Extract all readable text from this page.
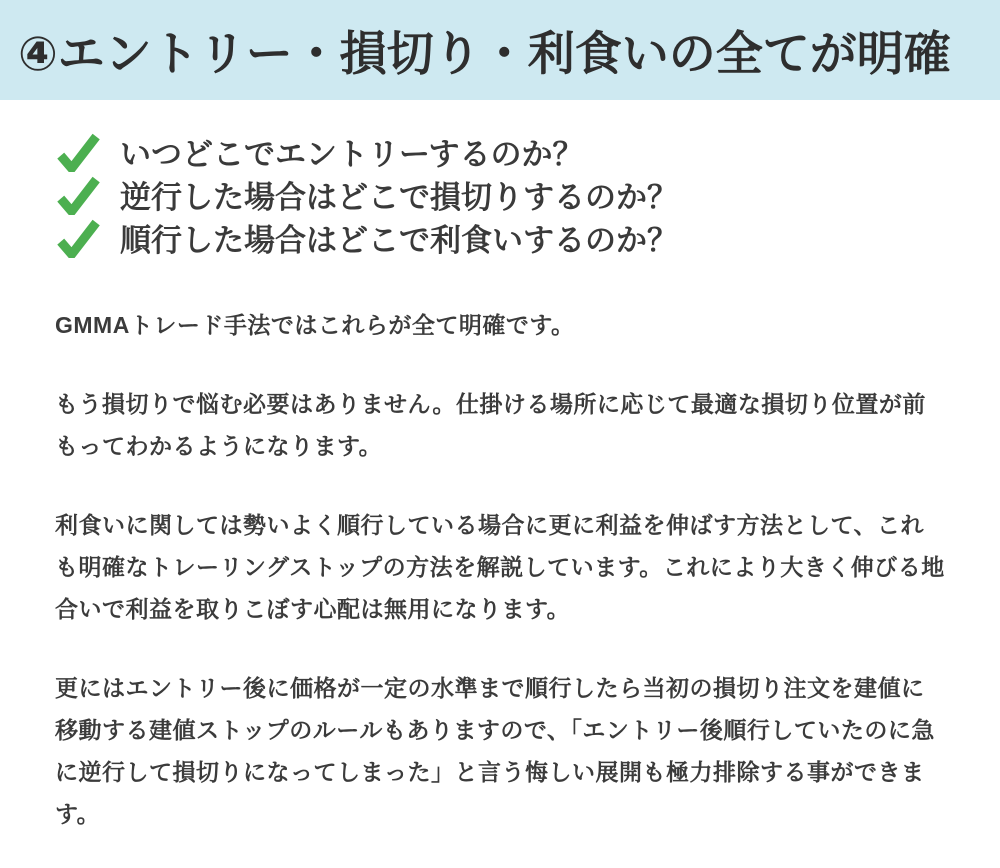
④エントリー・損切り・利食いの全てが明確
いつどこでエントリーするのか？
逆行した場合はどこで損切りするのか？
順行した場合はどこで利食いするのか？

GMMAトレード手法ではこれらが全て明確です。

もう損切りで悩む必要はありません。仕掛ける場所に応じて最適な損切り位置が前もってわかるようになります。

利食いに関しては勢いよく順行している場合に更に利益を伸ばす方法として、これも明確なトレーリングストップの方法を解説しています。これにより大きく伸びる地合いで利益を取りこぼす心配は無用になります。

更にはエントリー後に価格が一定の水準まで順行したら当初の損切り注文を建値に移動する建値ストップのルールもありますので、「エントリー後順行していたのに急に逆行して損切りになってしまった」と言う悔しい展開も極力排除する事ができます。
